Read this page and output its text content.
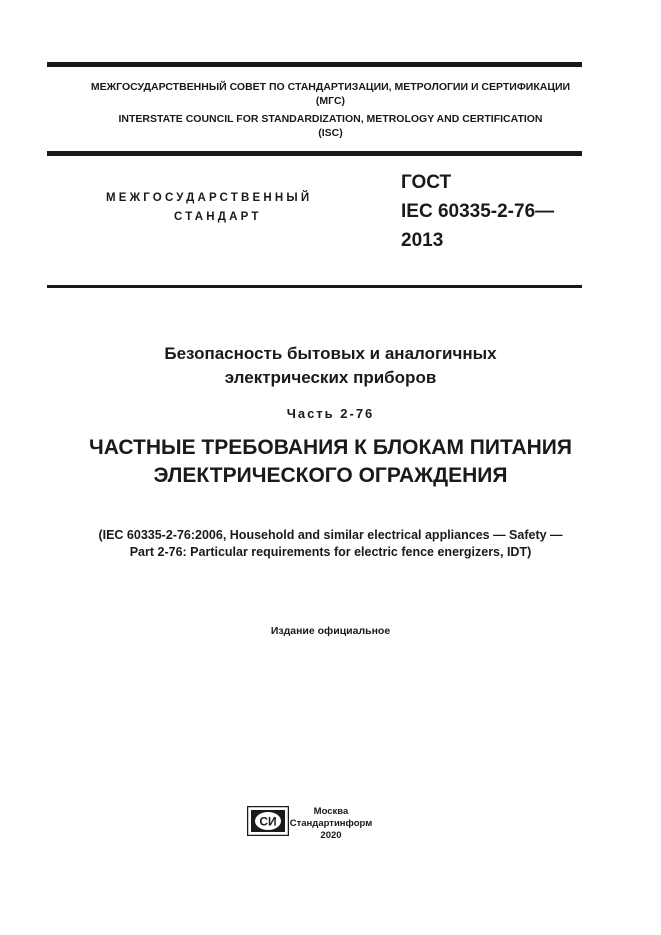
МЕЖГОСУДАРСТВЕННЫЙ СОВЕТ ПО СТАНДАРТИЗАЦИИ, МЕТРОЛОГИИ И СЕРТИФИКАЦИИ
(МГС)
INTERSTATE COUNCIL FOR STANDARDIZATION, METROLOGY AND CERTIFICATION
(ISC)
МЕЖГОСУДАРСТВЕННЫЙ
СТАНДАРТ
ГОСТ
IEC 60335-2-76—
2013
Безопасность бытовых и аналогичных
электрических приборов
Часть 2-76
ЧАСТНЫЕ ТРЕБОВАНИЯ К БЛОКАМ ПИТАНИЯ
ЭЛЕКТРИЧЕСКОГО ОГРАЖДЕНИЯ
(IEC 60335-2-76:2006, Household and similar electrical appliances — Safety —
Part 2-76: Particular requirements for electric fence energizers, IDT)
Издание официальное
СИ
Москва
Стандартинформ
2020
